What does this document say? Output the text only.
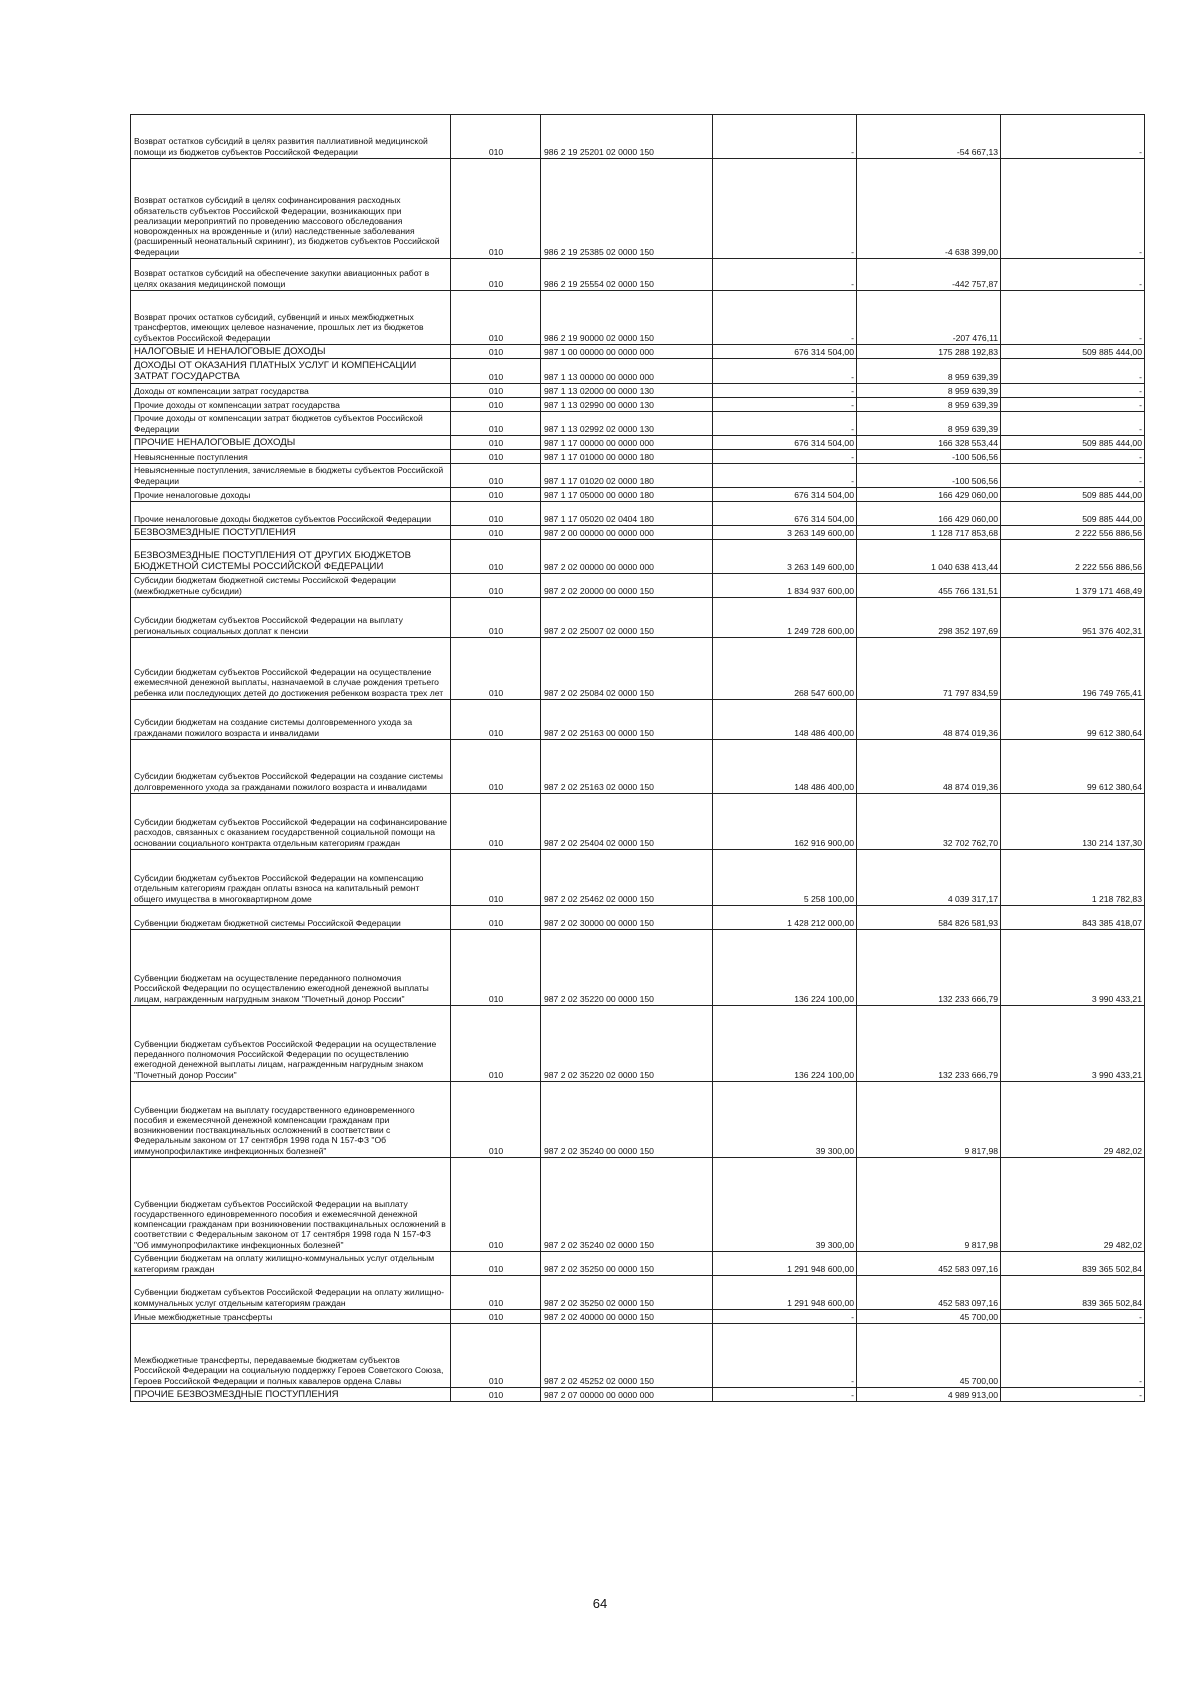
Возврат остатков субсидий в целях развития паллиативной медицинской помощи из бюджетов субъектов Российской Федерации	010	986 2 19 25201 02 0000 150	-	-54 667,13	-
Возврат остатков субсидий в целях софинансирования расходных обязательств субъектов Российской Федерации, возникающих при реализации мероприятий по проведению массового обследования новорожденных на врожденные и (или) наследственные заболевания (расширенный неонатальный скрининг), из бюджетов субъектов Российской Федерации	010	986 2 19 25385 02 0000 150	-	-4 638 399,00	-
Возврат остатков субсидий на обеспечение закупки авиационных работ в целях оказания медицинской помощи	010	986 2 19 25554 02 0000 150	-	-442 757,87	-
Возврат прочих остатков субсидий, субвенций и иных межбюджетных трансфертов, имеющих целевое назначение, прошлых лет из бюджетов субъектов Российской Федерации	010	986 2 19 90000 02 0000 150	-	-207 476,11	-
НАЛОГОВЫЕ И НЕНАЛОГОВЫЕ ДОХОДЫ	010	987 1 00 00000 00 0000 000	676 314 504,00	175 288 192,83	509 885 444,00
ДОХОДЫ ОТ ОКАЗАНИЯ ПЛАТНЫХ УСЛУГ И КОМПЕНСАЦИИ ЗАТРАТ ГОСУДАРСТВА	010	987 1 13 00000 00 0000 000	-	8 959 639,39	-
Доходы от компенсации затрат государства	010	987 1 13 02000 00 0000 130	-	8 959 639,39	-
Прочие доходы от компенсации затрат государства	010	987 1 13 02990 00 0000 130	-	8 959 639,39	-
Прочие доходы от компенсации затрат бюджетов субъектов Российской Федерации	010	987 1 13 02992 02 0000 130	-	8 959 639,39	-
ПРОЧИЕ НЕНАЛОГОВЫЕ ДОХОДЫ	010	987 1 17 00000 00 0000 000	676 314 504,00	166 328 553,44	509 885 444,00
Невыясненные поступления	010	987 1 17 01000 00 0000 180	-	-100 506,56	-
Невыясненные поступления, зачисляемые в бюджеты субъектов Российской Федерации	010	987 1 17 01020 02 0000 180	-	-100 506,56	-
Прочие неналоговые доходы	010	987 1 17 05000 00 0000 180	676 314 504,00	166 429 060,00	509 885 444,00
Прочие неналоговые доходы бюджетов субъектов Российской Федерации	010	987 1 17 05020 02 0404 180	676 314 504,00	166 429 060,00	509 885 444,00
БЕЗВОЗМЕЗДНЫЕ ПОСТУПЛЕНИЯ	010	987 2 00 00000 00 0000 000	3 263 149 600,00	1 128 717 853,68	2 222 556 886,56
БЕЗВОЗМЕЗДНЫЕ ПОСТУПЛЕНИЯ ОТ ДРУГИХ БЮДЖЕТОВ БЮДЖЕТНОЙ СИСТЕМЫ РОССИЙСКОЙ ФЕДЕРАЦИИ	010	987 2 02 00000 00 0000 000	3 263 149 600,00	1 040 638 413,44	2 222 556 886,56
Субсидии бюджетам бюджетной системы Российской Федерации (межбюджетные субсидии)	010	987 2 02 20000 00 0000 150	1 834 937 600,00	455 766 131,51	1 379 171 468,49
Субсидии бюджетам субъектов Российской Федерации на выплату региональных социальных доплат к пенсии	010	987 2 02 25007 02 0000 150	1 249 728 600,00	298 352 197,69	951 376 402,31
Субсидии бюджетам субъектов Российской Федерации на осуществление ежемесячной денежной выплаты, назначаемой в случае рождения третьего ребенка или последующих детей до достижения ребенком возраста трех лет	010	987 2 02 25084 02 0000 150	268 547 600,00	71 797 834,59	196 749 765,41
Субсидии бюджетам на создание системы долговременного ухода за гражданами пожилого возраста и инвалидами	010	987 2 02 25163 00 0000 150	148 486 400,00	48 874 019,36	99 612 380,64
Субсидии бюджетам субъектов Российской Федерации на создание системы долговременного ухода за гражданами пожилого возраста и инвалидами	010	987 2 02 25163 02 0000 150	148 486 400,00	48 874 019,36	99 612 380,64
Субсидии бюджетам субъектов Российской Федерации на софинансирование расходов, связанных с оказанием государственной социальной помощи на основании социального контракта отдельным категориям граждан	010	987 2 02 25404 02 0000 150	162 916 900,00	32 702 762,70	130 214 137,30
Субсидии бюджетам субъектов Российской Федерации на компенсацию отдельным категориям граждан оплаты взноса на капитальный ремонт общего имущества в многоквартирном доме	010	987 2 02 25462 02 0000 150	5 258 100,00	4 039 317,17	1 218 782,83
Субвенции бюджетам бюджетной системы Российской Федерации	010	987 2 02 30000 00 0000 150	1 428 212 000,00	584 826 581,93	843 385 418,07
Субвенции бюджетам на осуществление переданного полномочия Российской Федерации по осуществлению ежегодной денежной выплаты лицам, награжденным нагрудным знаком "Почетный донор России"	010	987 2 02 35220 00 0000 150	136 224 100,00	132 233 666,79	3 990 433,21
Субвенции бюджетам субъектов Российской Федерации на осуществление переданного полномочия Российской Федерации по осуществлению ежегодной денежной выплаты лицам, награжденным нагрудным знаком "Почетный донор России"	010	987 2 02 35220 02 0000 150	136 224 100,00	132 233 666,79	3 990 433,21
Субвенции бюджетам на выплату государственного единовременного пособия и ежемесячной денежной компенсации гражданам при возникновении поствакцинальных осложнений в соответствии с Федеральным законом от 17 сентября 1998 года N 157-ФЗ "Об иммунопрофилактике инфекционных болезней"	010	987 2 02 35240 00 0000 150	39 300,00	9 817,98	29 482,02
Субвенции бюджетам субъектов Российской Федерации на выплату государственного единовременного пособия и ежемесячной денежной компенсации гражданам при возникновении поствакцинальных осложнений в соответствии с Федеральным законом от 17 сентября 1998 года N 157-ФЗ "Об иммунопрофилактике инфекционных болезней"	010	987 2 02 35240 02 0000 150	39 300,00	9 817,98	29 482,02
Субвенции бюджетам на оплату жилищно-коммунальных услуг отдельным категориям граждан	010	987 2 02 35250 00 0000 150	1 291 948 600,00	452 583 097,16	839 365 502,84
Субвенции бюджетам субъектов Российской Федерации на оплату жилищно-коммунальных услуг отдельным категориям граждан	010	987 2 02 35250 02 0000 150	1 291 948 600,00	452 583 097,16	839 365 502,84
Иные межбюджетные трансферты	010	987 2 02 40000 00 0000 150	-	45 700,00	-
Межбюджетные трансферты, передаваемые бюджетам субъектов Российской Федерации на социальную поддержку Героев Советского Союза, Героев Российской Федерации и полных кавалеров ордена Славы	010	987 2 02 45252 02 0000 150	-	45 700,00	-
ПРОЧИЕ БЕЗВОЗМЕЗДНЫЕ ПОСТУПЛЕНИЯ	010	987 2 07 00000 00 0000 000	-	4 989 913,00	-
64
